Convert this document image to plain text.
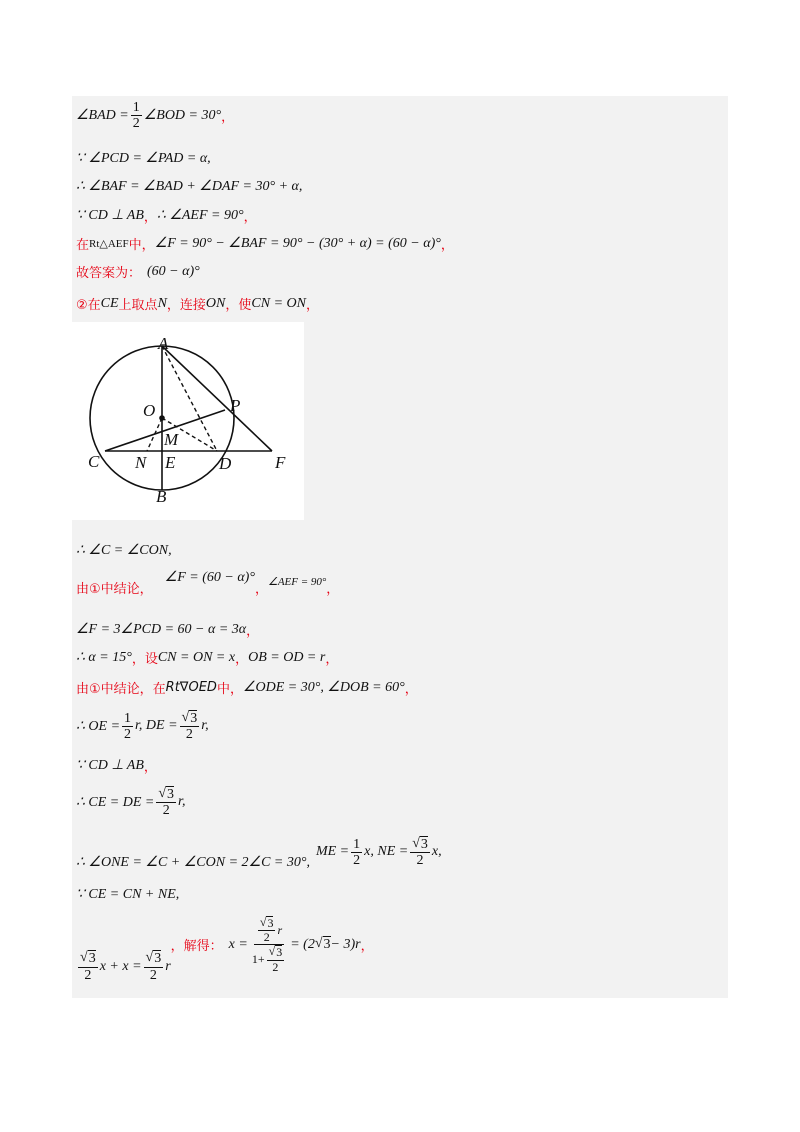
∠BAD = $\frac{1}{2}$ ∠BOD = 30° ，
∵ ∠PCD = ∠PAD = α,
∴ ∠BAF = ∠BAD + ∠DAF = 30° + α,
∵ CD ⊥ AB ， ∴ ∠AEF = 90° ，
在 Rt△AEF 中， ∠F = 90° − ∠BAF = 90° − (30° + α) = (60 − α)° ，
故答案为： (60 − α)°
②在 CE 上取点 N ，连接 ON ，使 CN = ON ，
A
O	P
M
C N E	D	F
B
∴ ∠C = ∠CON,
由①中结论，
∠F = (60 − α)°
， ∠AEF = 90° ，
∠F = 3∠PCD = 60 − α = 3α ，
∴ α = 15° ， 设 CN = ON = x ， OB = OD = r ，
由①中结论，在 Rt∇OED 中， ∠ODE = 30°, ∠DOB = 60° ，
∴ OE = $\frac{1}{2} r$, DE = $\frac{√ 3}{2} r$,
∵ CD ⊥ AB ，
∴ CE = DE = $\frac{√ 3}{2} r$,
∴ ∠ONE = ∠C + ∠CON = 2∠C = 30°,
ME = $\frac{1}{2} x$, NE = $\frac{√ 3}{2} x$,
∵ CE = CN + NE,
$\frac{√ 3}{2}$ $x + x = \frac{√ 3}{2}$ r
，解得： $x = \frac{\frac{√ 3}{2} r}{1+ \frac{√ 3}{2}} = (2$ √ 3 − 3)r ，
